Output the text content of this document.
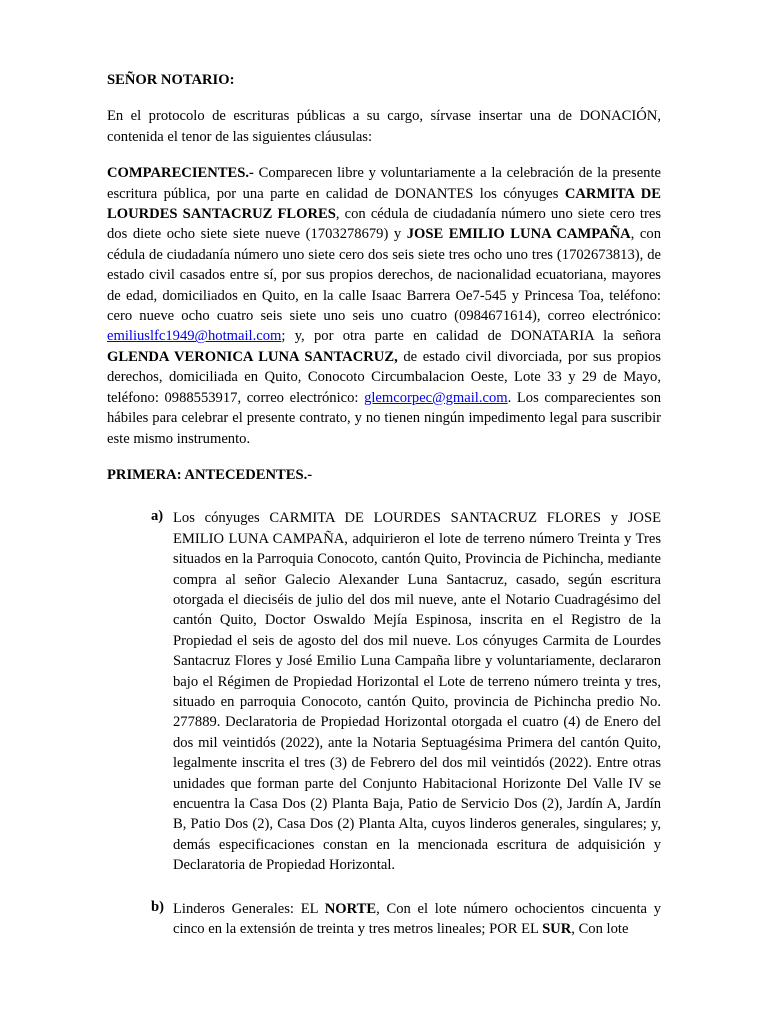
SEÑOR NOTARIO:

En el protocolo de escrituras públicas a su cargo, sírvase insertar una de DONACIÓN, contenida el tenor de las siguientes cláusulas:

COMPARECIENTES.- Comparecen libre y voluntariamente a la celebración de la presente escritura pública, por una parte en calidad de DONANTES los cónyuges CARMITA DE LOURDES SANTACRUZ FLORES, con cédula de ciudadanía número uno siete cero tres dos diete ocho siete siete nueve (1703278679) y JOSE EMILIO LUNA CAMPAÑA, con cédula de ciudadanía número uno siete cero dos seis siete tres ocho uno tres (1702673813), de estado civil casados entre sí, por sus propios derechos, de nacionalidad ecuatoriana, mayores de edad, domiciliados en Quito, en la calle Isaac Barrera Oe7-545 y Princesa Toa, teléfono: cero nueve ocho cuatro seis siete uno seis uno cuatro (0984671614), correo electrónico: emiliuslfc1949@hotmail.com; y, por otra parte en calidad de DONATARIA la señora GLENDA VERONICA LUNA SANTACRUZ, de estado civil divorciada, por sus propios derechos, domiciliada en Quito, Conocoto Circumbalacion Oeste, Lote 33 y 29 de Mayo, teléfono: 0988553917, correo electrónico: glemcorpec@gmail.com. Los comparecientes son hábiles para celebrar el presente contrato, y no tienen ningún impedimento legal para suscribir este mismo instrumento.

PRIMERA: ANTECEDENTES.-

a) Los cónyuges CARMITA DE LOURDES SANTACRUZ FLORES y JOSE EMILIO LUNA CAMPAÑA, adquirieron el lote de terreno número Treinta y Tres situados en la Parroquia Conocoto, cantón Quito, Provincia de Pichincha, mediante compra al señor Galecio Alexander Luna Santacruz, casado, según escritura otorgada el dieciséis de julio del dos mil nueve, ante el Notario Cuadragésimo del cantón Quito, Doctor Oswaldo Mejía Espinosa, inscrita en el Registro de la Propiedad el seis de agosto del dos mil nueve. Los cónyuges Carmita de Lourdes Santacruz Flores y José Emilio Luna Campaña libre y voluntariamente, declararon bajo el Régimen de Propiedad Horizontal el Lote de terreno número treinta y tres, situado en parroquia Conocoto, cantón Quito, provincia de Pichincha predio No. 277889. Declaratoria de Propiedad Horizontal otorgada el cuatro (4) de Enero del dos mil veintidós (2022), ante la Notaria Septuagésima Primera del cantón Quito, legalmente inscrita el tres (3) de Febrero del dos mil veintidós (2022). Entre otras unidades que forman parte del Conjunto Habitacional Horizonte Del Valle IV se encuentra la Casa Dos (2) Planta Baja, Patio de Servicio Dos (2), Jardín A, Jardín B, Patio Dos (2), Casa Dos (2) Planta Alta, cuyos linderos generales, singulares; y, demás especificaciones constan en la mencionada escritura de adquisición y Declaratoria de Propiedad Horizontal.

b) Linderos Generales: EL NORTE, Con el lote número ochocientos cincuenta y cinco en la extensión de treinta y tres metros lineales; POR EL SUR, Con lote
